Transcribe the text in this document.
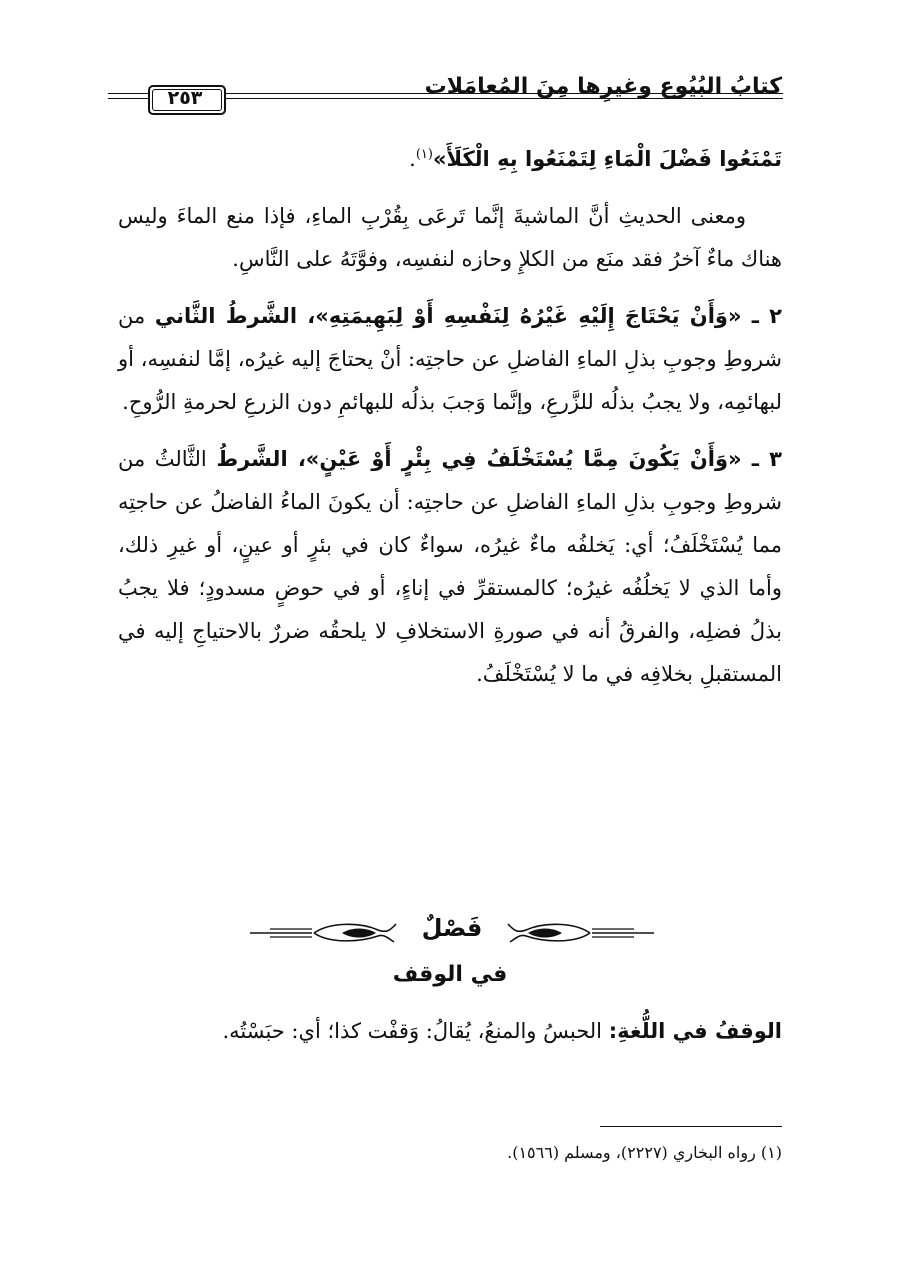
كتابُ البُيُوع وغيرِها مِنَ المُعامَلات
٢٥٣

تَمْنَعُوا فَضْلَ الْمَاءِ لِتَمْنَعُوا بِهِ الْكَلَأَ»$^{(١)}$.

ومعنى الحديثِ أنَّ الماشيةَ إنَّما تَرعَى بِقُرْبِ الماءِ، فإذا منع الماءَ وليس هناك ماءٌ آخرُ فقد منَع من الكلإِ وحازه لنفسِه، وفوَّتَهُ على النَّاسِ.

٢ ـ «وَأَنْ يَحْتَاجَ إِلَيْهِ غَيْرُهُ لِنَفْسِهِ أَوْ لِبَهِيمَتِهِ»، الشَّرطُ الثَّاني من شروطِ وجوبِ بذلِ الماءِ الفاضلِ عن حاجتِه: أنْ يحتاجَ إليه غيرُه، إمَّا لنفسِه، أو لبهائمِه، ولا يجبُ بذلُه للزَّرعِ، وإنَّما وَجبَ بذلُه للبهائمِ دون الزرعِ لحرمةِ الرُّوحِ.

٣ ـ «وَأَنْ يَكُونَ مِمَّا يُسْتَخْلَفُ فِي بِئْرٍ أَوْ عَيْنٍ»، الشَّرطُ الثَّالثُ من شروطِ وجوبِ بذلِ الماءِ الفاضلِ عن حاجتِه: أن يكونَ الماءُ الفاضلُ عن حاجتِه مما يُسْتَخْلَفُ؛ أي: يَخلفُه ماءٌ غيرُه، سواءٌ كان في بئرٍ أو عينٍ، أو غيرِ ذلك، وأما الذي لا يَخلُفُه غيرُه؛ كالمستقرِّ في إناءٍ، أو في حوضٍ مسدودٍ؛ فلا يجبُ بذلُ فضلِه، والفرقُ أنه في صورةِ الاستخلافِ لا يلحقُه ضررٌ بالاحتياجِ إليه في المستقبلِ بخلافِه في ما لا يُسْتَخْلَفُ.

فَصْلٌ
في الوقف
الوقفُ في اللُّغةِ: الحبسُ والمنعُ، يُقالُ: وَقفْت كذا؛ أي: حبَسْتُه.
(١) رواه البخاري (٢٢٢٧)، ومسلم (١٥٦٦).
